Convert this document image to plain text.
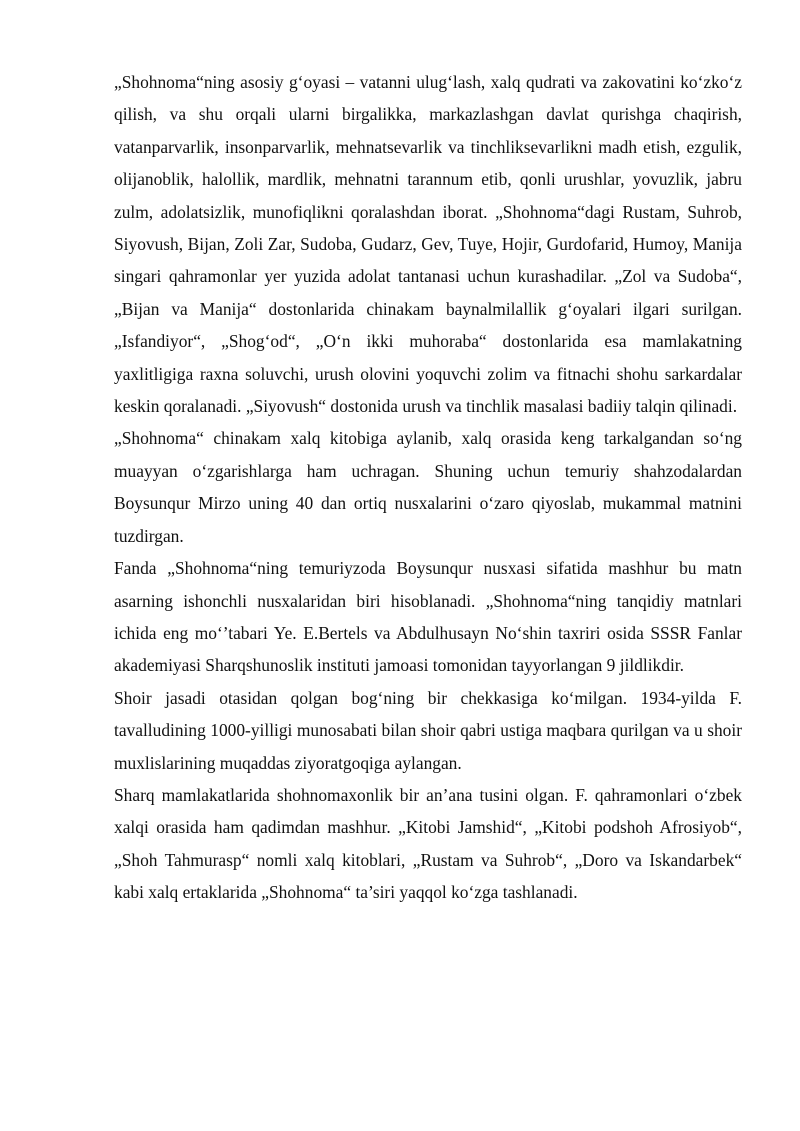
„Shohnoma“ning asosiy g‘oyasi – vatanni ulug‘lash, xalq qudrati va zakovatini ko‘zko‘z qilish, va shu orqali ularni birgalikka, markazlashgan davlat qurishga chaqirish, vatanparvarlik, insonparvarlik, mehnatsevarlik va tinchliksevarlikni madh etish, ezgulik, olijanoblik, halollik, mardlik, mehnatni tarannum etib, qonli urushlar, yovuzlik, jabru zulm, adolatsizlik, munofiqlikni qoralashdan iborat. „Shohnoma“dagi Rustam, Suhrob, Siyovush, Bijan, Zoli Zar, Sudoba, Gudarz, Gev, Tuye, Hojir, Gurdofarid, Humoy, Manija singari qahramonlar yer yuzida adolat tantanasi uchun kurashadilar. „Zol va Sudoba“, „Bijan va Manija“ dostonlarida chinakam baynalmilallik g‘oyalari ilgari surilgan. „Isfandiyor“, „Shog‘od“, „O‘n ikki muhoraba“ dostonlarida esa mamlakatning yaxlitligiga raxna soluvchi, urush olovini yoquvchi zolim va fitnachi shohu sarkardalar keskin qoralanadi. „Siyovush“ dostonida urush va tinchlik masalasi badiiy talqin qilinadi.

„Shohnoma“ chinakam xalq kitobiga aylanib, xalq orasida keng tarkalgandan so‘ng muayyan o‘zgarishlarga ham uchragan. Shuning uchun temuriy shahzodalardan Boysunqur Mirzo uning 40 dan ortiq nusxalarini o‘zaro qiyoslab, mukammal matnini tuzdirgan.

Fanda „Shohnoma“ning temuriyzoda Boysunqur nusxasi sifatida mashhur bu matn asarning ishonchli nusxalaridan biri hisoblanadi. „Shohnoma“ning tanqidiy matnlari ichida eng mo‘’tabari Ye. E.Bertels va Abdulhusayn No‘shin taxriri osida SSSR Fanlar akademiyasi Sharqshunoslik instituti jamoasi tomonidan tayyorlangan 9 jildlikdir.

Shoir jasadi otasidan qolgan bog‘ning bir chekkasiga ko‘milgan. 1934-yilda F. tavalludining 1000-yilligi munosabati bilan shoir qabri ustiga maqbara qurilgan va u shoir muxlislarining muqaddas ziyoratgoqiga aylangan.

Sharq mamlakatlarida shohnomaxonlik bir an’ana tusini olgan. F. qahramonlari o‘zbek xalqi orasida ham qadimdan mashhur. „Kitobi Jamshid“, „Kitobi podshoh Afrosiyob“, „Shoh Tahmurasp“ nomli xalq kitoblari, „Rustam va Suhrob“, „Doro va Iskandarbek“ kabi xalq ertaklarida „Shohnoma“ ta’siri yaqqol ko‘zga tashlanadi.
